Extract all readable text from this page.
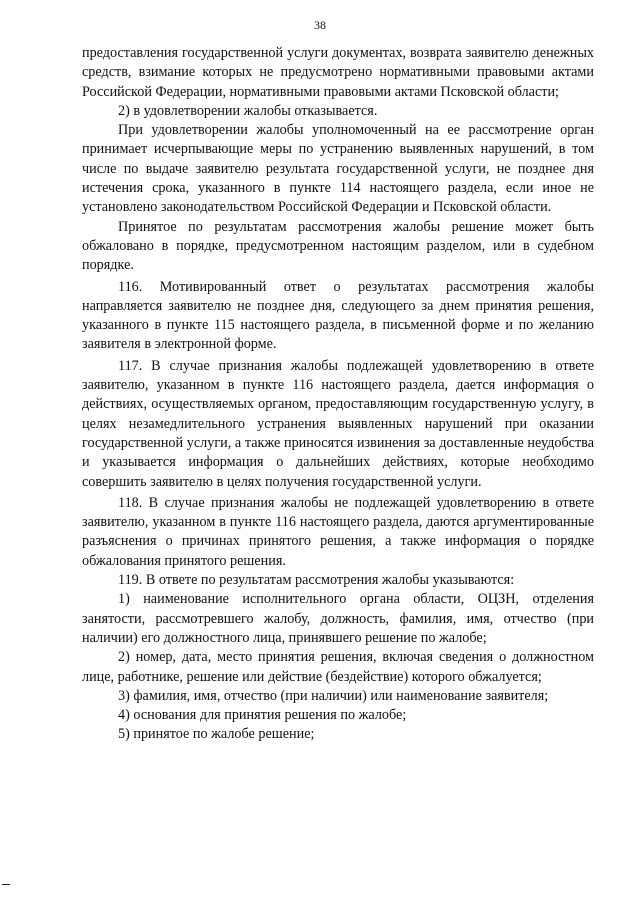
38

предоставления государственной услуги документах, возврата заявителю денежных средств, взимание которых не предусмотрено нормативными правовыми актами Российской Федерации, нормативными правовыми актами Псковской области;

2) в удовлетворении жалобы отказывается.

При удовлетворении жалобы уполномоченный на ее рассмотрение орган принимает исчерпывающие меры по устранению выявленных нарушений, в том числе по выдаче заявителю результата государственной услуги, не позднее дня истечения срока, указанного в пункте 114 настоящего раздела, если иное не установлено законодательством Российской Федерации и Псковской области.

Принятое по результатам рассмотрения жалобы решение может быть обжаловано в порядке, предусмотренном настоящим разделом, или в судебном порядке.

116. Мотивированный ответ о результатах рассмотрения жалобы направляется заявителю не позднее дня, следующего за днем принятия решения, указанного в пункте 115 настоящего раздела, в письменной форме и по желанию заявителя в электронной форме.

117. В случае признания жалобы подлежащей удовлетворению в ответе заявителю, указанном в пункте 116 настоящего раздела, дается информация о действиях, осуществляемых органом, предоставляющим государственную услугу, в целях незамедлительного устранения выявленных нарушений при оказании государственной услуги, а также приносятся извинения за доставленные неудобства и указывается информация о дальнейших действиях, которые необходимо совершить заявителю в целях получения государственной услуги.

118. В случае признания жалобы не подлежащей удовлетворению в ответе заявителю, указанном в пункте 116 настоящего раздела, даются аргументированные разъяснения о причинах принятого решения, а также информация о порядке обжалования принятого решения.

119. В ответе по результатам рассмотрения жалобы указываются:

1) наименование исполнительного органа области, ОЦЗН, отделения занятости, рассмотревшего жалобу, должность, фамилия, имя, отчество (при наличии) его должностного лица, принявшего решение по жалобе;

2) номер, дата, место принятия решения, включая сведения о должностном лице, работнике, решение или действие (бездействие) которого обжалуется;

3) фамилия, имя, отчество (при наличии) или наименование заявителя;

4) основания для принятия решения по жалобе;

5) принятое по жалобе решение;
